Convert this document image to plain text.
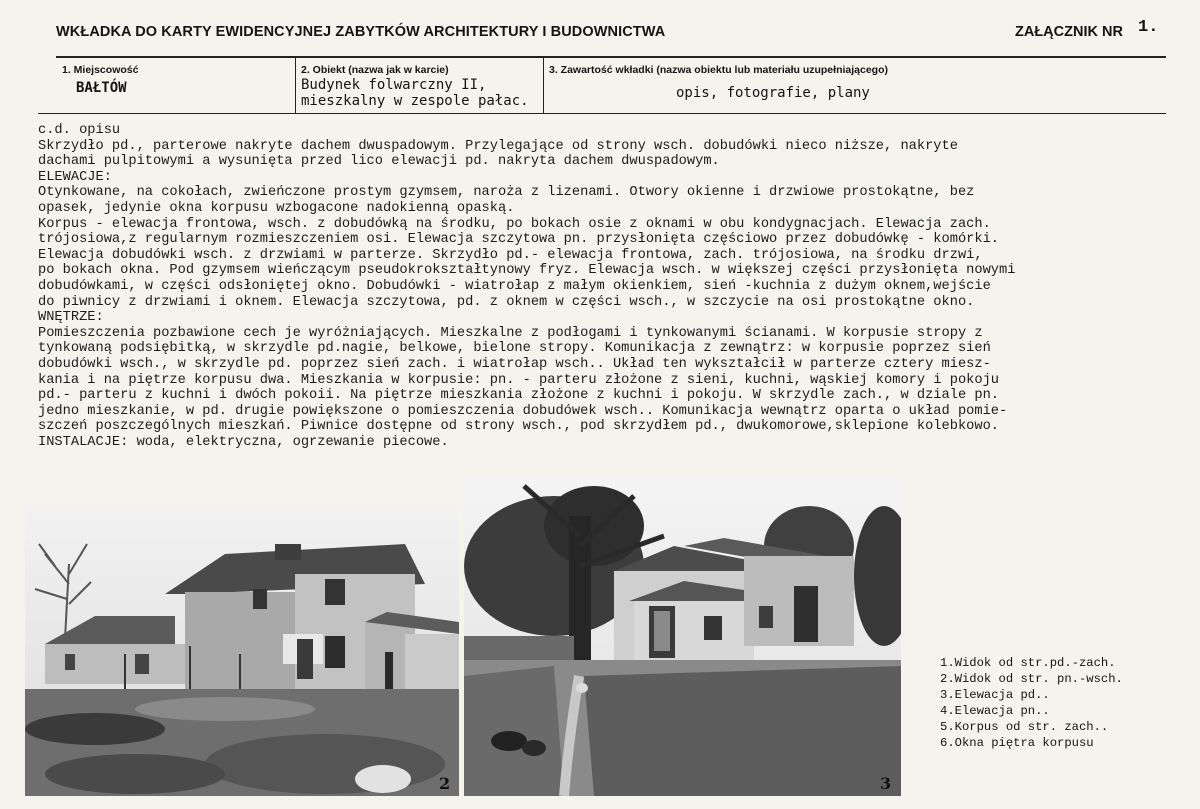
WKŁADKA DO KARTY EWIDENCYJNEJ ZABYTKÓW ARCHITEKTURY I BUDOWNICTWA	ZAŁĄCZNIK NR 1.
1. Miejscowość
BAŁTÓW
2. Obiekt (nazwa jak w karcie)
Budynek folwarczny II,
mieszkalny w zespole pałac.
3. Zawartość wkładki (nazwa obiektu lub materiału uzupełniającego)
opis, fotografie, plany
c.d. opisu
Skrzydło pd., parterowe nakryte dachem dwuspadowym. Przylegające od strony wsch. dobudówki nieco niższe, nakryte
dachami pulpitowymi a wysunięta przed lico elewacji pd. nakryta dachem dwuspadowym.
ELEWACJE:
Otynkowane, na cokołach, zwieńczone prostym gzymsem, naroża z lizenami. Otwory okienne i drzwiowe prostokątne, bez
opasek, jedynie okna korpusu wzbogacone nadokienną opaską.
Korpus - elewacja frontowa, wsch. z dobudówką na środku, po bokach osie z oknami w obu kondygnacjach. Elewacja zach.
trójosiowa,z regularnym rozmieszczeniem osi. Elewacja szczytowa pn. przysłonięta częściowo przez dobudówkę - komórki.
Elewacja dobudówki wsch. z drzwiami w parterze. Skrzydło pd.- elewacja frontowa, zach. trójosiowa, na środku drzwi,
po bokach okna. Pod gzymsem wieńczącym pseudokrokształtynowy fryz. Elewacja wsch. w większej części przysłonięta nowymi
dobudówkami, w części odsłoniętej okno. Dobudówki - wiatrołap z małym okienkiem, sień -kuchnia z dużym oknem,wejście
do piwnicy z drzwiami i oknem. Elewacja szczytowa, pd. z oknem w części wsch., w szczycie na osi prostokątne okno.
WNĘTRZE:
Pomieszczenia pozbawione cech je wyróżniających. Mieszkalne z podłogami i tynkowanymi ścianami. W korpusie stropy z
tynkowaną podsiębitką, w skrzydle pd.nagie, belkowe, bielone stropy. Komunikacja z zewnątrz: w korpusie poprzez sień
dobudówki wsch., w skrzydle pd. poprzez sień zach. i wiatrołap wsch.. Układ ten wykształcił w parterze cztery miesz-
kania i na piętrze korpusu dwa. Mieszkania w korpusie: pn. - parteru złożone z sieni, kuchni, wąskiej komory i pokoju
pd.- parteru z kuchni i dwóch pokoii. Na piętrze mieszkania złożone z kuchni i pokoju. W skrzydle zach., w dziale pn.
jedno mieszkanie, w pd. drugie powiększone o pomieszczenia dobudówek wsch.. Komunikacja wewnątrz oparta o układ pomie-
szczeń poszczególnych mieszkań. Piwnice dostępne od strony wsch., pod skrzydłem pd., dwukomorowe,sklepione kolebkowo.
INSTALACJE: woda, elektryczna, ogrzewanie piecowe.
2	3
1.Widok od str.pd.-zach.
2.Widok od str. pn.-wsch.
3.Elewacja pd..
4.Elewacja pn..
5.Korpus od str. zach..
6.Okna piętra korpusu
